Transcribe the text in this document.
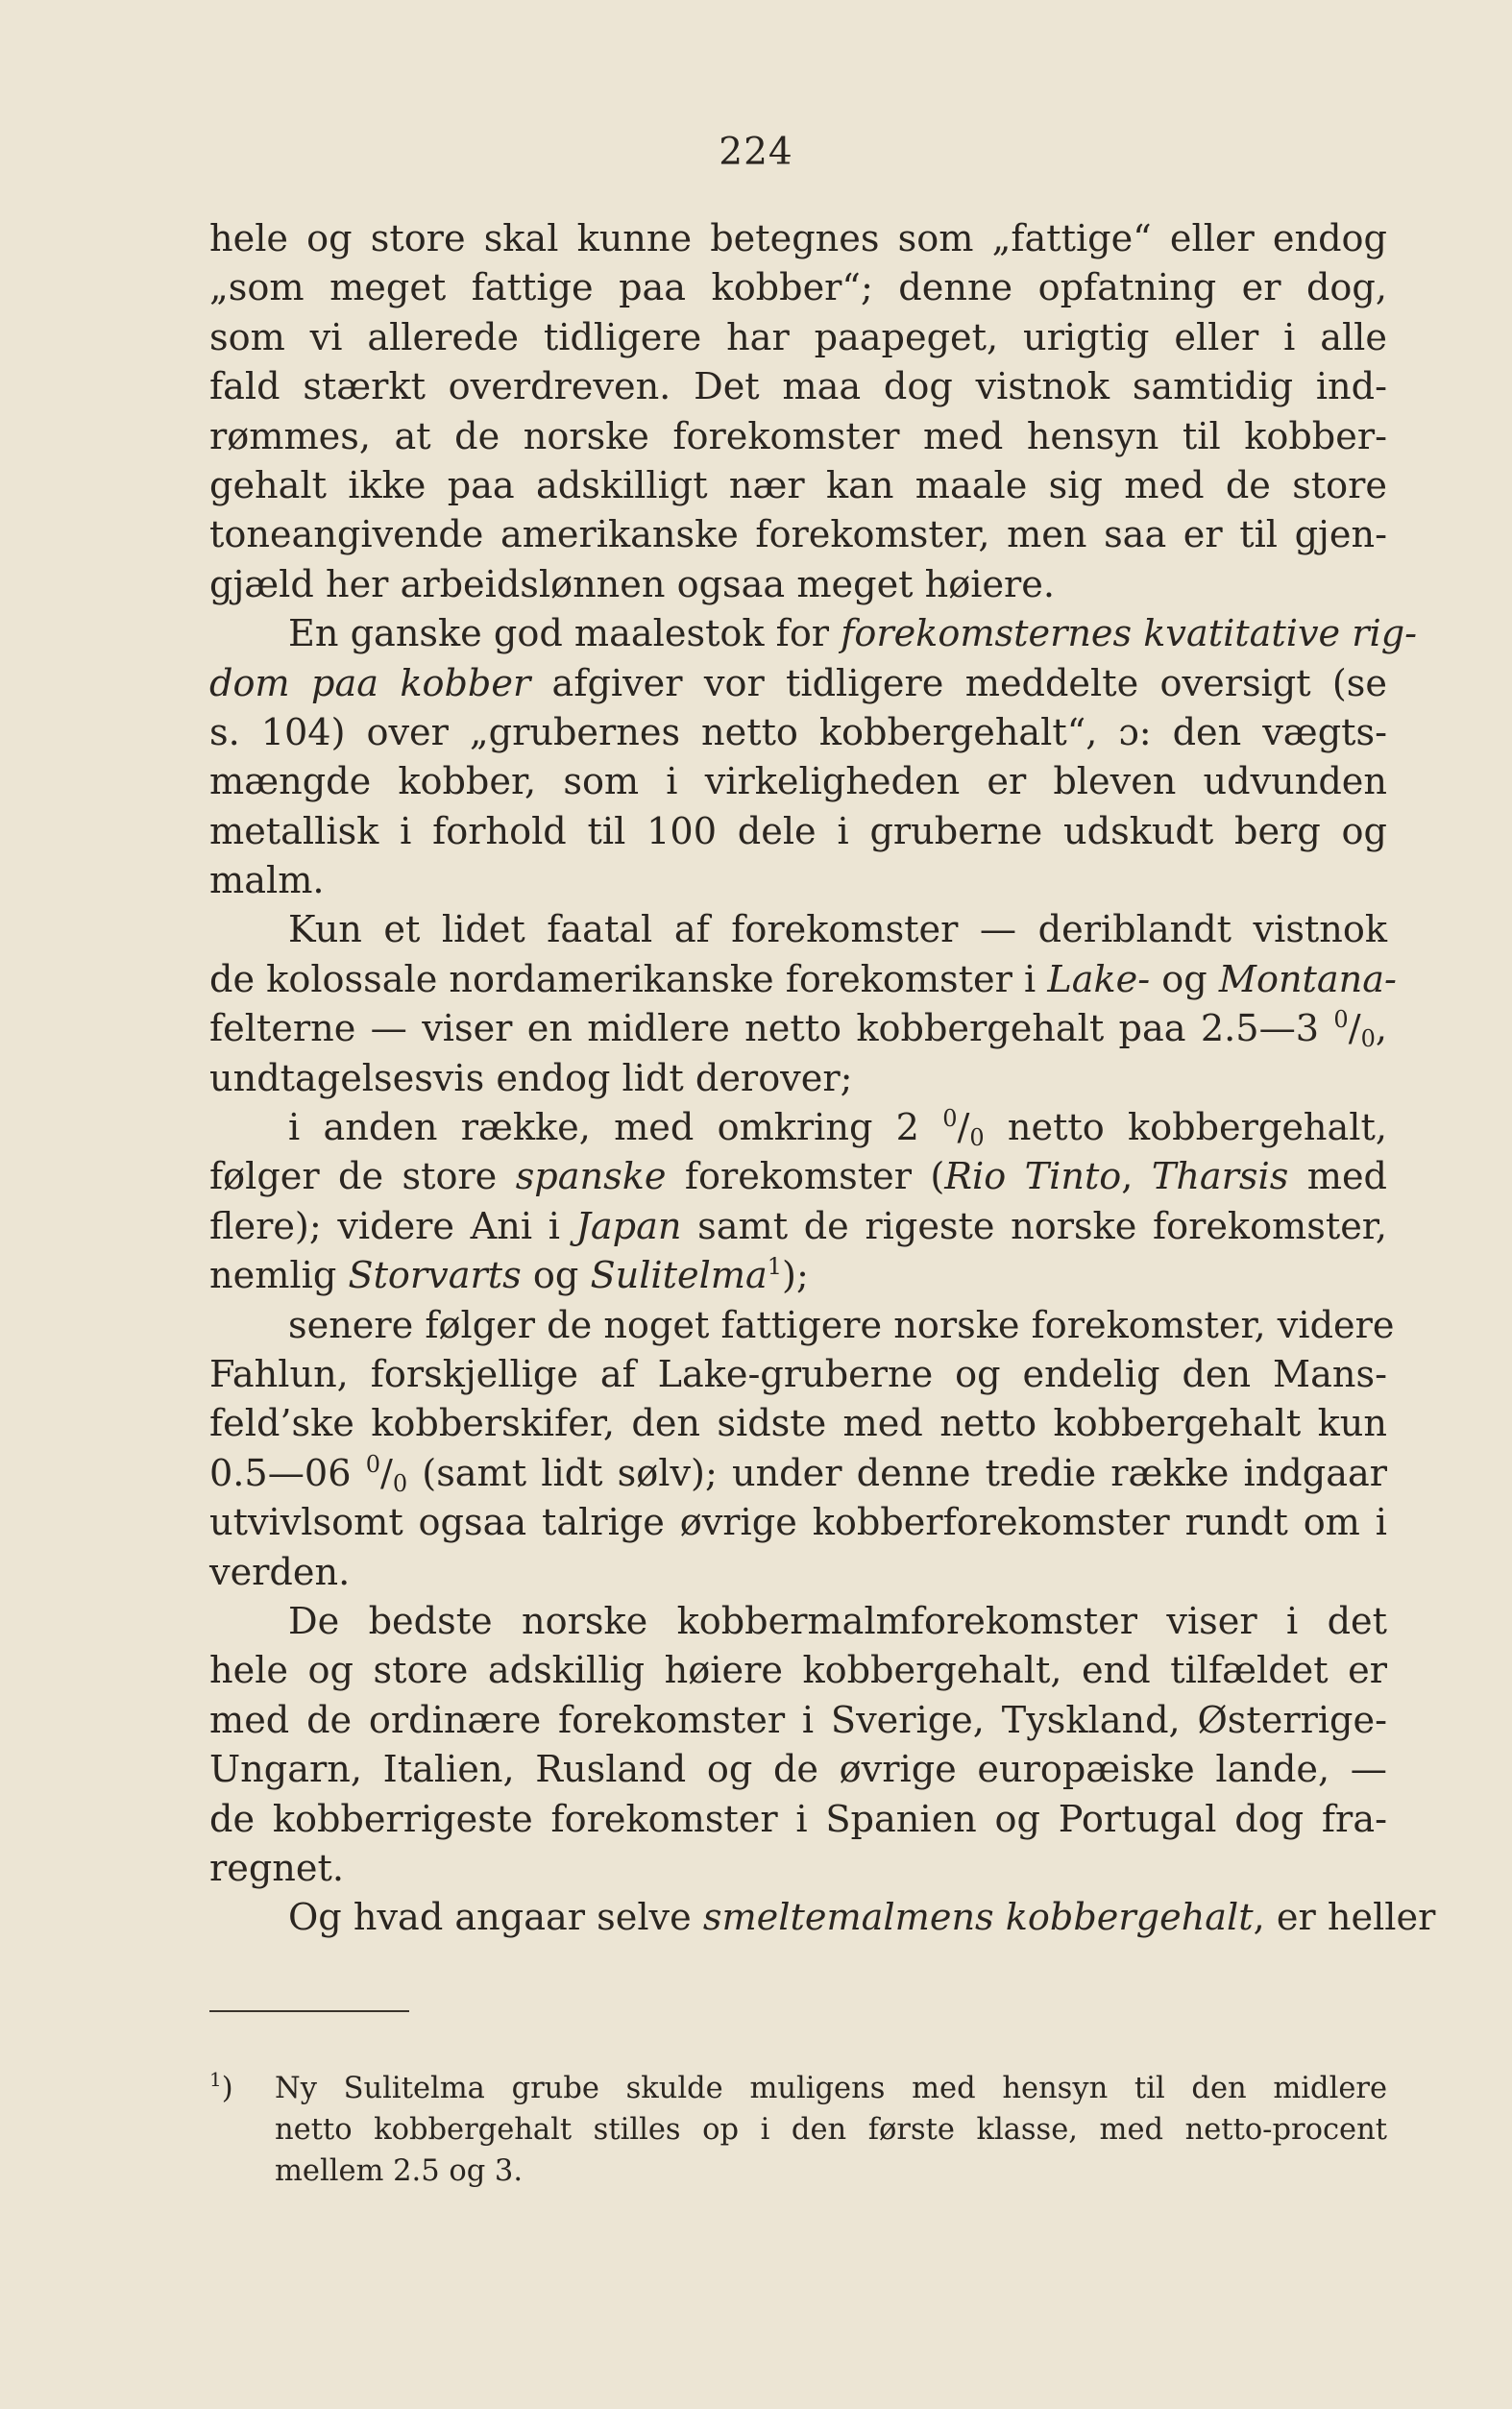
224
hele og store skal kunne betegnes som „fattige“ eller endog
„som meget fattige paa kobber“; denne opfatning er dog,
som vi allerede tidligere har paapeget, urigtig eller i alle
fald stærkt overdreven. Det maa dog vistnok samtidig ind-
rømmes, at de norske forekomster med hensyn til kobber-
gehalt ikke paa adskilligt nær kan maale sig med de store
toneangivende amerikanske forekomster, men saa er til gjen-
gjæld her arbeidslønnen ogsaa meget høiere.
En ganske god maalestok for forekomsternes kvatitative rig-
dom paa kobber afgiver vor tidligere meddelte oversigt (se
s. 104) over „grubernes netto kobbergehalt“, ɔ: den vægts-
mængde kobber, som i virkeligheden er bleven udvunden
metallisk i forhold til 100 dele i gruberne udskudt berg og
malm.
Kun et lidet faatal af forekomster — deriblandt vistnok
de kolossale nordamerikanske forekomster i Lake- og Montana-
felterne — viser en midlere netto kobbergehalt paa 2.5—3 $^0/_0$,
undtagelsesvis endog lidt derover;
i anden række, med omkring 2 $^0/_0$ netto kobbergehalt,
følger de store spanske forekomster (Rio Tinto, Tharsis med
flere); videre Ani i Japan samt de rigeste norske forekomster,
nemlig Storvarts og Sulitelma$^1$);
senere følger de noget fattigere norske forekomster, videre
Fahlun, forskjellige af Lake-gruberne og endelig den Mans-
feld’ske kobberskifer, den sidste med netto kobbergehalt kun
0.5—06 $^0/_0$ (samt lidt sølv); under denne tredie række indgaar
utvivlsomt ogsaa talrige øvrige kobberforekomster rundt om i
verden.
De bedste norske kobbermalmforekomster viser i det
hele og store adskillig høiere kobbergehalt, end tilfældet er
med de ordinære forekomster i Sverige, Tyskland, Østerrige-
Ungarn, Italien, Rusland og de øvrige europæiske lande, —
de kobberrigeste forekomster i Spanien og Portugal dog fra-
regnet.
Og hvad angaar selve smeltemalmens kobbergehalt, er heller
$^1$) Ny Sulitelma grube skulde muligens med hensyn til den midlere
netto kobbergehalt stilles op i den første klasse, med netto-procent
mellem 2.5 og 3.
